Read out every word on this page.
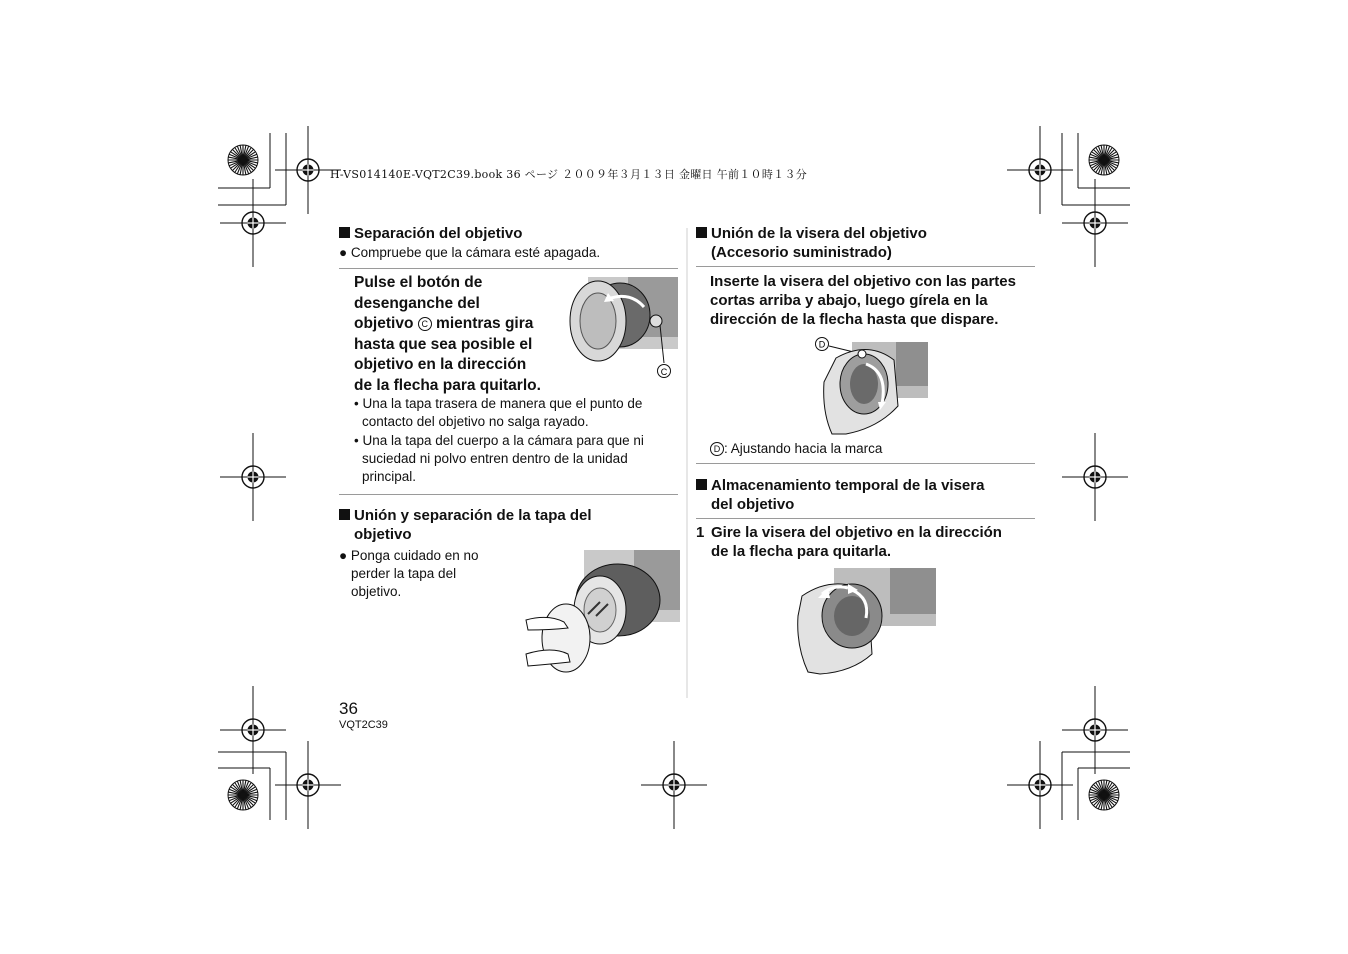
H-VS014140E-VQT2C39.book 36 ページ ２００９年３月１３日 金曜日 午前１０時１３分
Separación del objetivo
● Compruebe que la cámara esté apagada.
Pulse el botón de
desenganche del
objetivo C mientras gira
hasta que sea posible el
objetivo en la dirección
de la flecha para quitarlo.
C
• Una la tapa trasera de manera que el punto de
contacto del objetivo no salga rayado.
• Una la tapa del cuerpo a la cámara para que ni
suciedad ni polvo entren dentro de la unidad
principal.
Unión y separación de la tapa del
objetivo
● Ponga cuidado en no
perder la tapa del
objetivo.
Unión de la visera del objetivo
(Accesorio suministrado)
Inserte la visera del objetivo con las partes
cortas arriba y abajo, luego gírela en la
dirección de la flecha hasta que dispare.
D
D : Ajustando hacia la marca
Almacenamiento temporal de la visera
del objetivo
1 Gire la visera del objetivo en la dirección
de la flecha para quitarla.
36
VQT2C39
